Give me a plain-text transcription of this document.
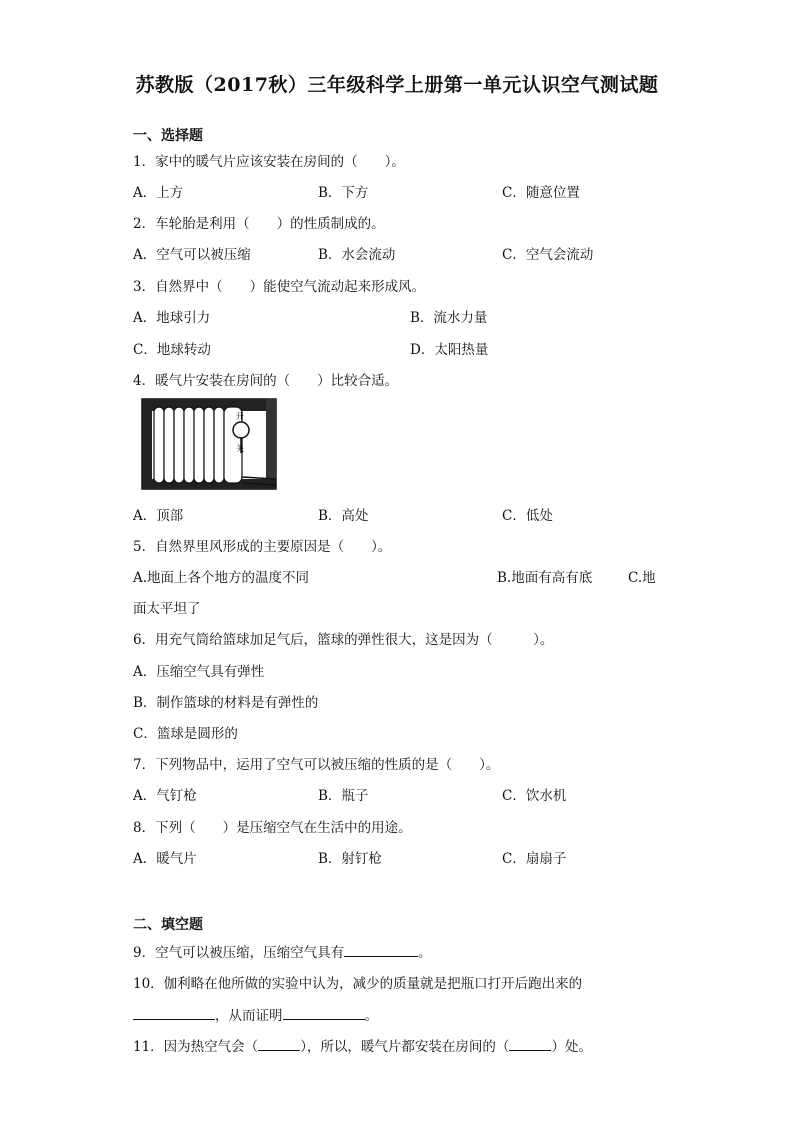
苏教版（2017秋）三年级科学上册第一单元认识空气测试题
一、选择题
1．家中的暖气片应该安装在房间的（　　）。
A．上方	B．下方	C．随意位置
2．车轮胎是利用（　　）的性质制成的。
A．空气可以被压缩	B．水会流动	C．空气会流动
3．自然界中（　　）能使空气流动起来形成风。
A．地球引力	B．流水力量
C．地球转动	D．太阳热量
4．暖气片安装在房间的（　　）比较合适。
开
关
A．顶部	B．高处	C．低处
5．自然界里风形成的主要原因是（　　）。
A.地面上各个地方的温度不同	B.地面有高有底	C.地
面太平坦了
6．用充气筒给篮球加足气后，篮球的弹性很大，这是因为（　　　）。
A．压缩空气具有弹性
B．制作篮球的材料是有弹性的
C．篮球是圆形的
7．下列物品中，运用了空气可以被压缩的性质的是（　　）。
A．气钉枪	B．瓶子	C．饮水机
8．下列（　　）是压缩空气在生活中的用途。
A．暖气片	B．射钉枪	C．扇扇子
二、填空题
9．空气可以被压缩，压缩空气具有	。
10．伽利略在他所做的实验中认为，减少的质量就是把瓶口打开后跑出来的
，从而证明	。
11．因为热空气会（	），所以，暖气片都安装在房间的（	）处。
